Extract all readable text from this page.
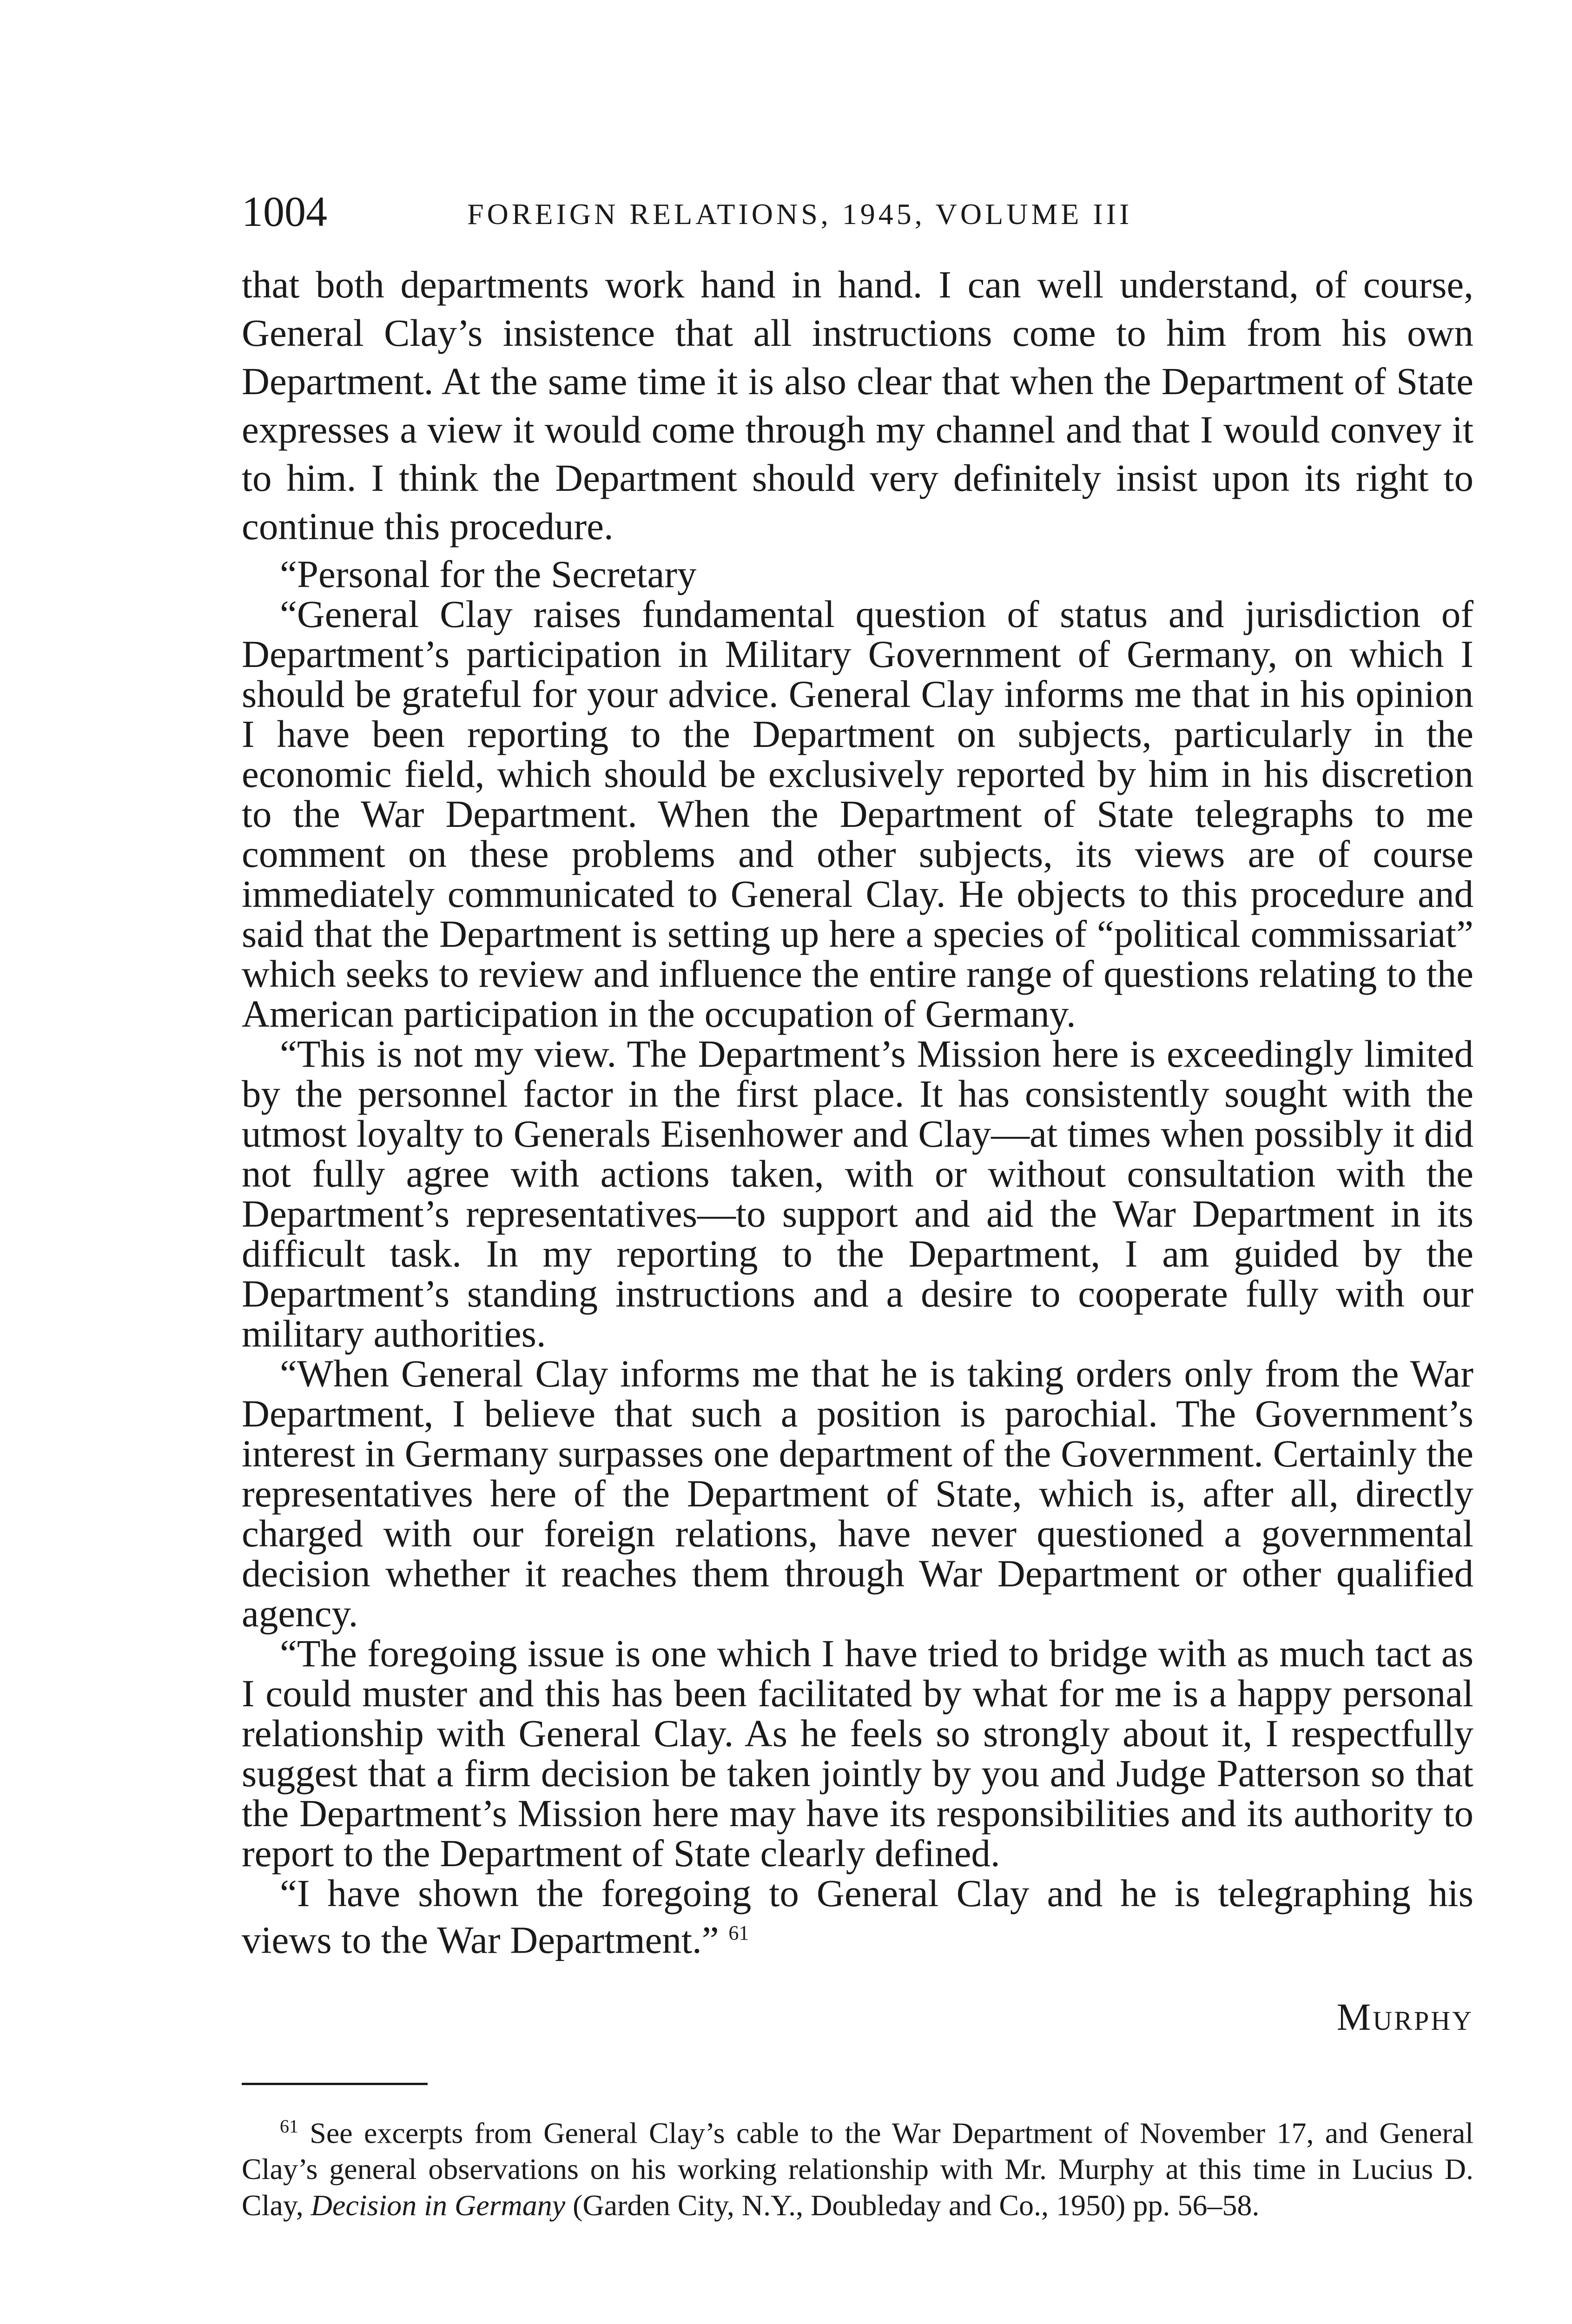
1004	FOREIGN RELATIONS, 1945, VOLUME III

that both departments work hand in hand. I can well understand, of course, General Clay’s insistence that all instructions come to him from his own Department. At the same time it is also clear that when the Department of State expresses a view it would come through my channel and that I would convey it to him. I think the Department should very definitely insist upon its right to continue this procedure.

“Personal for the Secretary

“General Clay raises fundamental question of status and jurisdiction of Department’s participation in Military Government of Germany, on which I should be grateful for your advice. General Clay informs me that in his opinion I have been reporting to the Department on subjects, particularly in the economic field, which should be exclusively reported by him in his discretion to the War Department. When the Department of State telegraphs to me comment on these problems and other subjects, its views are of course immediately communicated to General Clay. He objects to this procedure and said that the Department is setting up here a species of “political commissariat” which seeks to review and influence the entire range of questions relating to the American participation in the occupation of Germany.

“This is not my view. The Department’s Mission here is exceedingly limited by the personnel factor in the first place. It has consistently sought with the utmost loyalty to Generals Eisenhower and Clay—at times when possibly it did not fully agree with actions taken, with or without consultation with the Department’s representatives—to support and aid the War Department in its difficult task. In my reporting to the Department, I am guided by the Department’s standing instructions and a desire to cooperate fully with our military authorities.

“When General Clay informs me that he is taking orders only from the War Department, I believe that such a position is parochial. The Government’s interest in Germany surpasses one department of the Government. Certainly the representatives here of the Department of State, which is, after all, directly charged with our foreign relations, have never questioned a governmental decision whether it reaches them through War Department or other qualified agency.

“The foregoing issue is one which I have tried to bridge with as much tact as I could muster and this has been facilitated by what for me is a happy personal relationship with General Clay. As he feels so strongly about it, I respectfully suggest that a firm decision be taken jointly by you and Judge Patterson so that the Department’s Mission here may have its responsibilities and its authority to report to the Department of State clearly defined.

“I have shown the foregoing to General Clay and he is telegraphing his views to the War Department.” $^{61}$

Murphy

$^{61}$ See excerpts from General Clay’s cable to the War Department of November 17, and General Clay’s general observations on his working relationship with Mr. Murphy at this time in Lucius D. Clay, Decision in Germany (Garden City, N.Y., Doubleday and Co., 1950) pp. 56–58.
